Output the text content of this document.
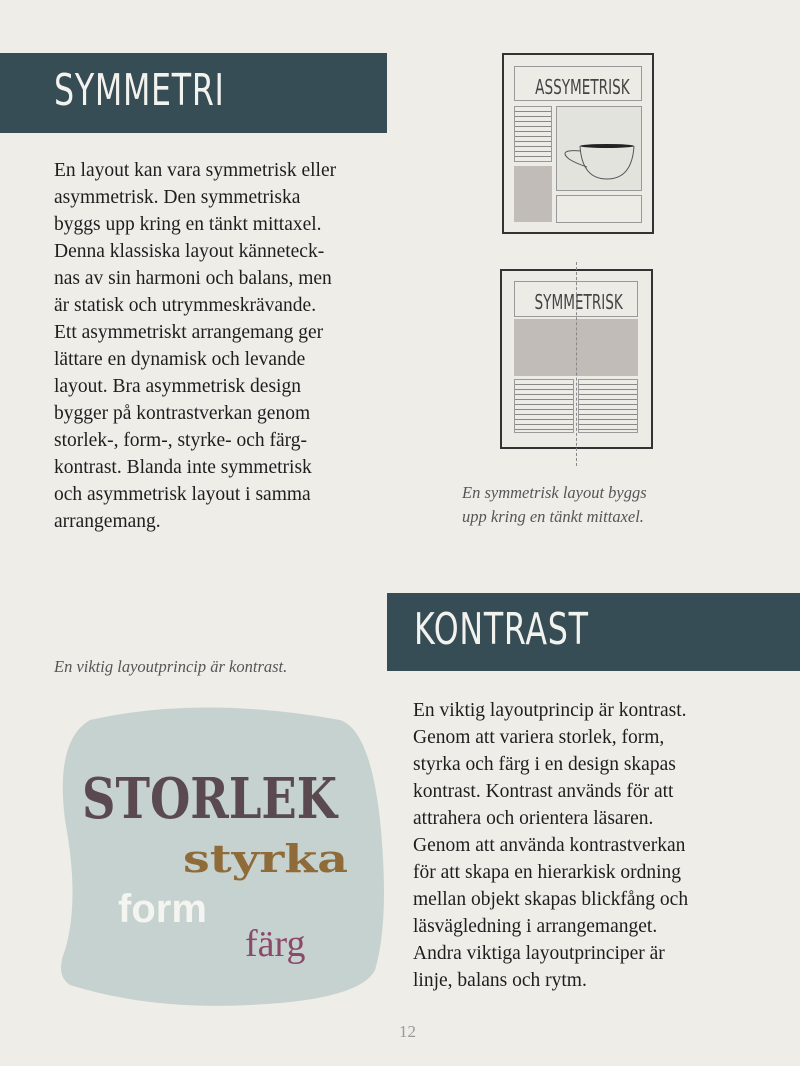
SYMMETRI
En layout kan vara symmetrisk eller
asymmetrisk. Den symmetriska
byggs upp kring en tänkt mittaxel.
Denna klassiska layout känneteck-
nas av sin harmoni och balans, men
är statisk och utrymmeskrävande.
Ett asymmetriskt arrangemang ger
lättare en dynamisk och levande
layout. Bra asymmetrisk design
bygger på kontrastverkan genom
storlek-, form-, styrke- och färg-
kontrast. Blanda inte symmetrisk
och asymmetrisk layout i samma
arrangemang.
ASSYMETRISK
SYMMETRISK
En symmetrisk layout byggs
upp kring en tänkt mittaxel.
KONTRAST
En viktig layoutprincip är kontrast.
En viktig layoutprincip är kontrast.
Genom att variera storlek, form,
styrka och färg i en design skapas
kontrast. Kontrast används för att
attrahera och orientera läsaren.
Genom att använda kontrastverkan
för att skapa en hierarkisk ordning
mellan objekt skapas blickfång och
läsvägledning i arrangemanget.
Andra viktiga layoutprinciper är
linje, balans och rytm.
STORLEK
styrka
form
färg
12
